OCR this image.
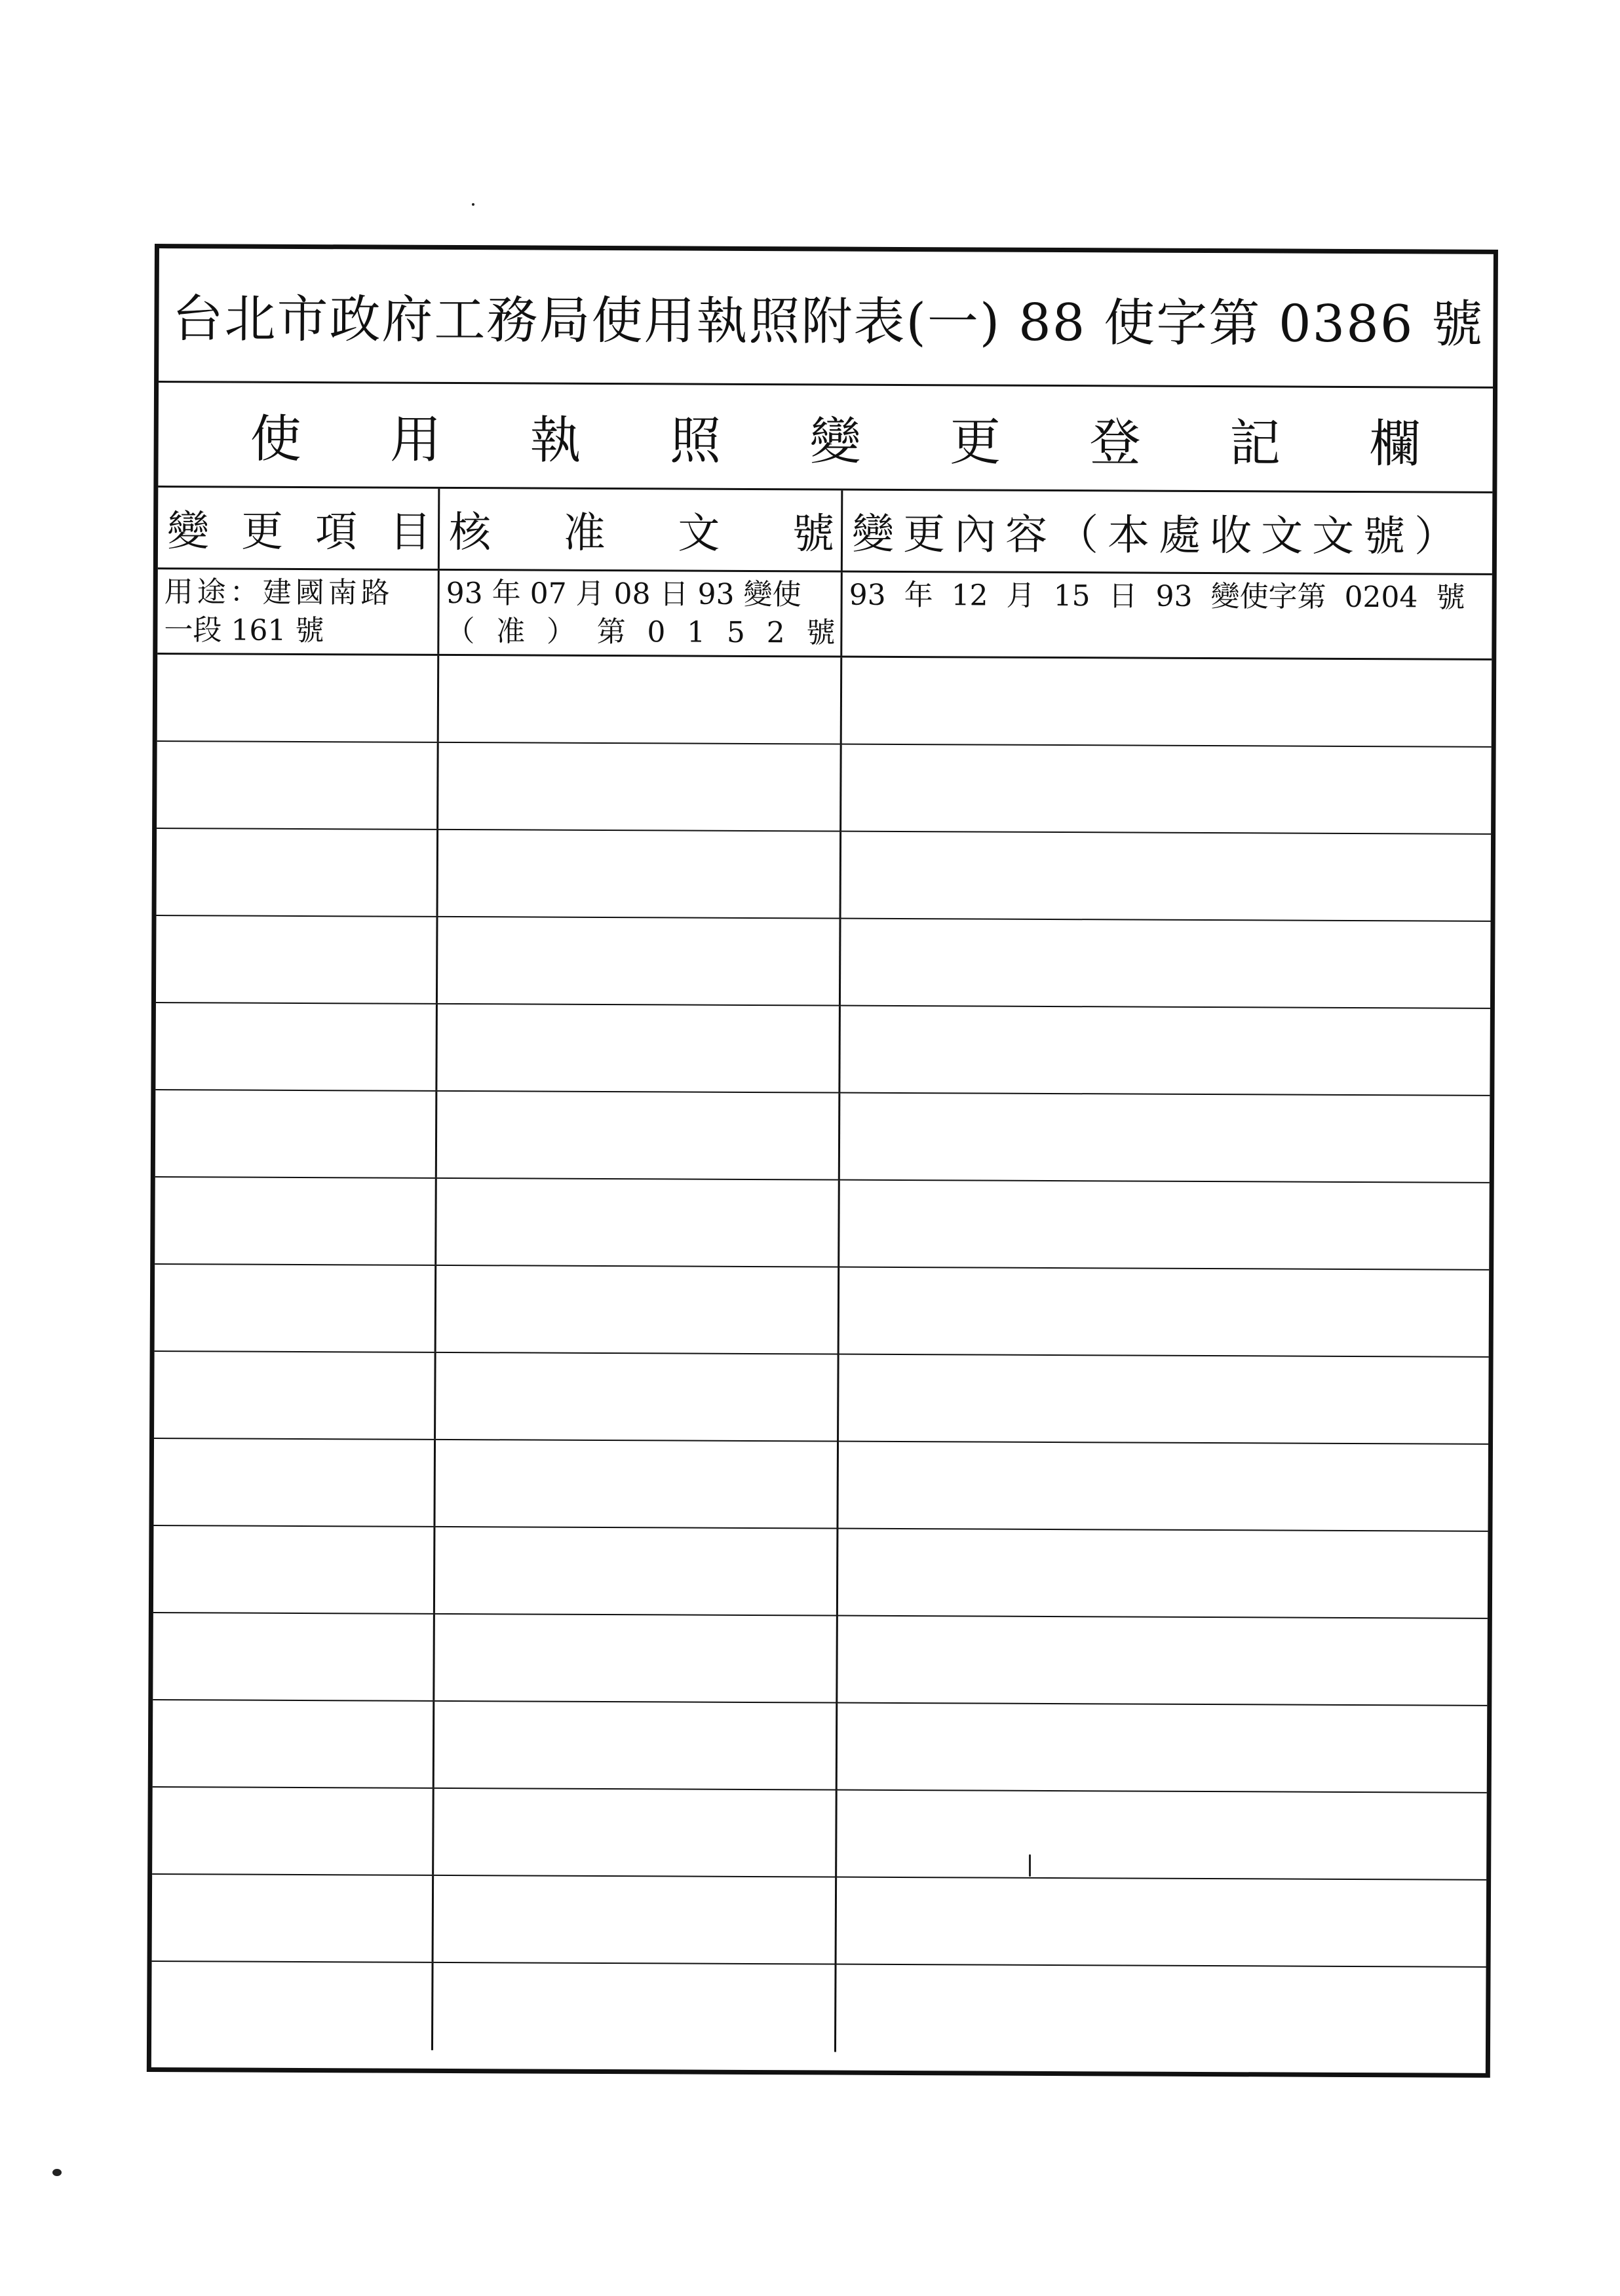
台北市政府工務局使用執照附表(一) 88 使字第 0386 號
使 用 執 照 變 更 登 記 欄
變 更 項 目 核 准 文 號 變更內容（本處收文文號）
用途：建國南路
一段 161 號
93 年 07 月 08 日 93 變使
（ 准 ） 第 0 1 5 2 號
93 年 12 月 15 日 93 變使字第 0204 號
